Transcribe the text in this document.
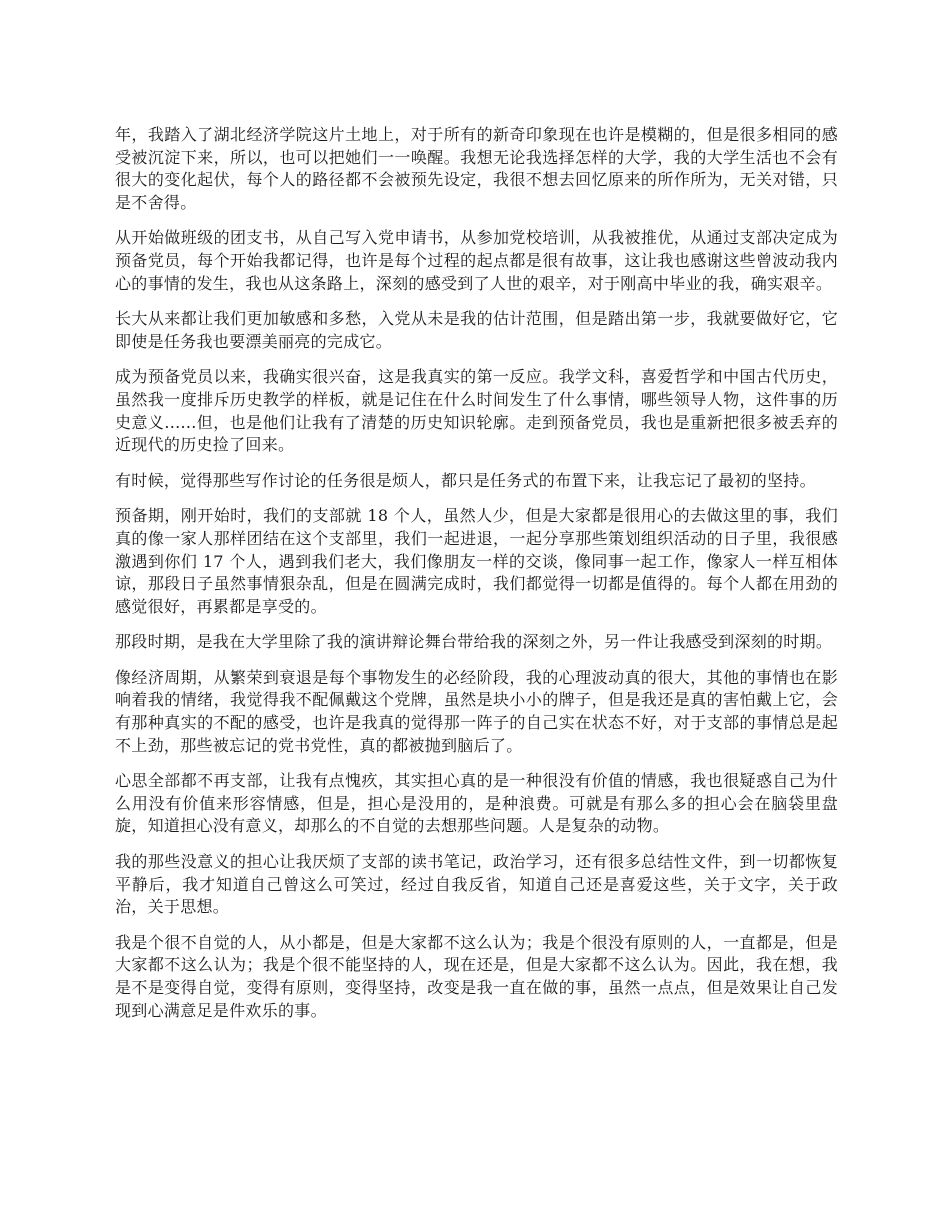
年，我踏入了湖北经济学院这片土地上，对于所有的新奇印象现在也许是模糊的，但是很多相同的感受被沉淀下来，所以，也可以把她们一一唤醒。我想无论我选择怎样的大学，我的大学生活也不会有很大的变化起伏，每个人的路径都不会被预先设定，我很不想去回忆原来的所作所为，无关对错，只是不舍得。

从开始做班级的团支书，从自己写入党申请书，从参加党校培训，从我被推优，从通过支部决定成为预备党员，每个开始我都记得，也许是每个过程的起点都是很有故事，这让我也感谢这些曾波动我内心的事情的发生，我也从这条路上，深刻的感受到了人世的艰辛，对于刚高中毕业的我，确实艰辛。

长大从来都让我们更加敏感和多愁，入党从未是我的估计范围，但是踏出第一步，我就要做好它，它即使是任务我也要漂美丽亮的完成它。

成为预备党员以来，我确实很兴奋，这是我真实的第一反应。我学文科，喜爱哲学和中国古代历史，虽然我一度排斥历史教学的样板，就是记住在什么时间发生了什么事情，哪些领导人物，这件事的历史意义......但，也是他们让我有了清楚的历史知识轮廓。走到预备党员，我也是重新把很多被丢弃的近现代的历史捡了回来。

有时候，觉得那些写作讨论的任务很是烦人，都只是任务式的布置下来，让我忘记了最初的坚持。

预备期，刚开始时，我们的支部就 18 个人，虽然人少，但是大家都是很用心的去做这里的事，我们真的像一家人那样团结在这个支部里，我们一起进退，一起分享那些策划组织活动的日子里，我很感激遇到你们 17 个人，遇到我们老大，我们像朋友一样的交谈，像同事一起工作，像家人一样互相体谅，那段日子虽然事情狠杂乱，但是在圆满完成时，我们都觉得一切都是值得的。每个人都在用劲的感觉很好，再累都是享受的。

那段时期，是我在大学里除了我的演讲辩论舞台带给我的深刻之外，另一件让我感受到深刻的时期。

像经济周期，从繁荣到衰退是每个事物发生的必经阶段，我的心理波动真的很大，其他的事情也在影响着我的情绪，我觉得我不配佩戴这个党牌，虽然是块小小的牌子，但是我还是真的害怕戴上它，会有那种真实的不配的感受，也许是我真的觉得那一阵子的自己实在状态不好，对于支部的事情总是起不上劲，那些被忘记的党书党性，真的都被抛到脑后了。

心思全部都不再支部，让我有点愧疚，其实担心真的是一种很没有价值的情感，我也很疑惑自己为什么用没有价值来形容情感，但是，担心是没用的，是种浪费。可就是有那么多的担心会在脑袋里盘旋，知道担心没有意义，却那么的不自觉的去想那些问题。人是复杂的动物。

我的那些没意义的担心让我厌烦了支部的读书笔记，政治学习，还有很多总结性文件，到一切都恢复平静后，我才知道自己曾这么可笑过，经过自我反省，知道自己还是喜爱这些，关于文字，关于政治，关于思想。

我是个很不自觉的人，从小都是，但是大家都不这么认为；我是个很没有原则的人，一直都是，但是大家都不这么认为；我是个很不能坚持的人，现在还是，但是大家都不这么认为。因此，我在想，我是不是变得自觉，变得有原则，变得坚持，改变是我一直在做的事，虽然一点点，但是效果让自己发现到心满意足是件欢乐的事。
